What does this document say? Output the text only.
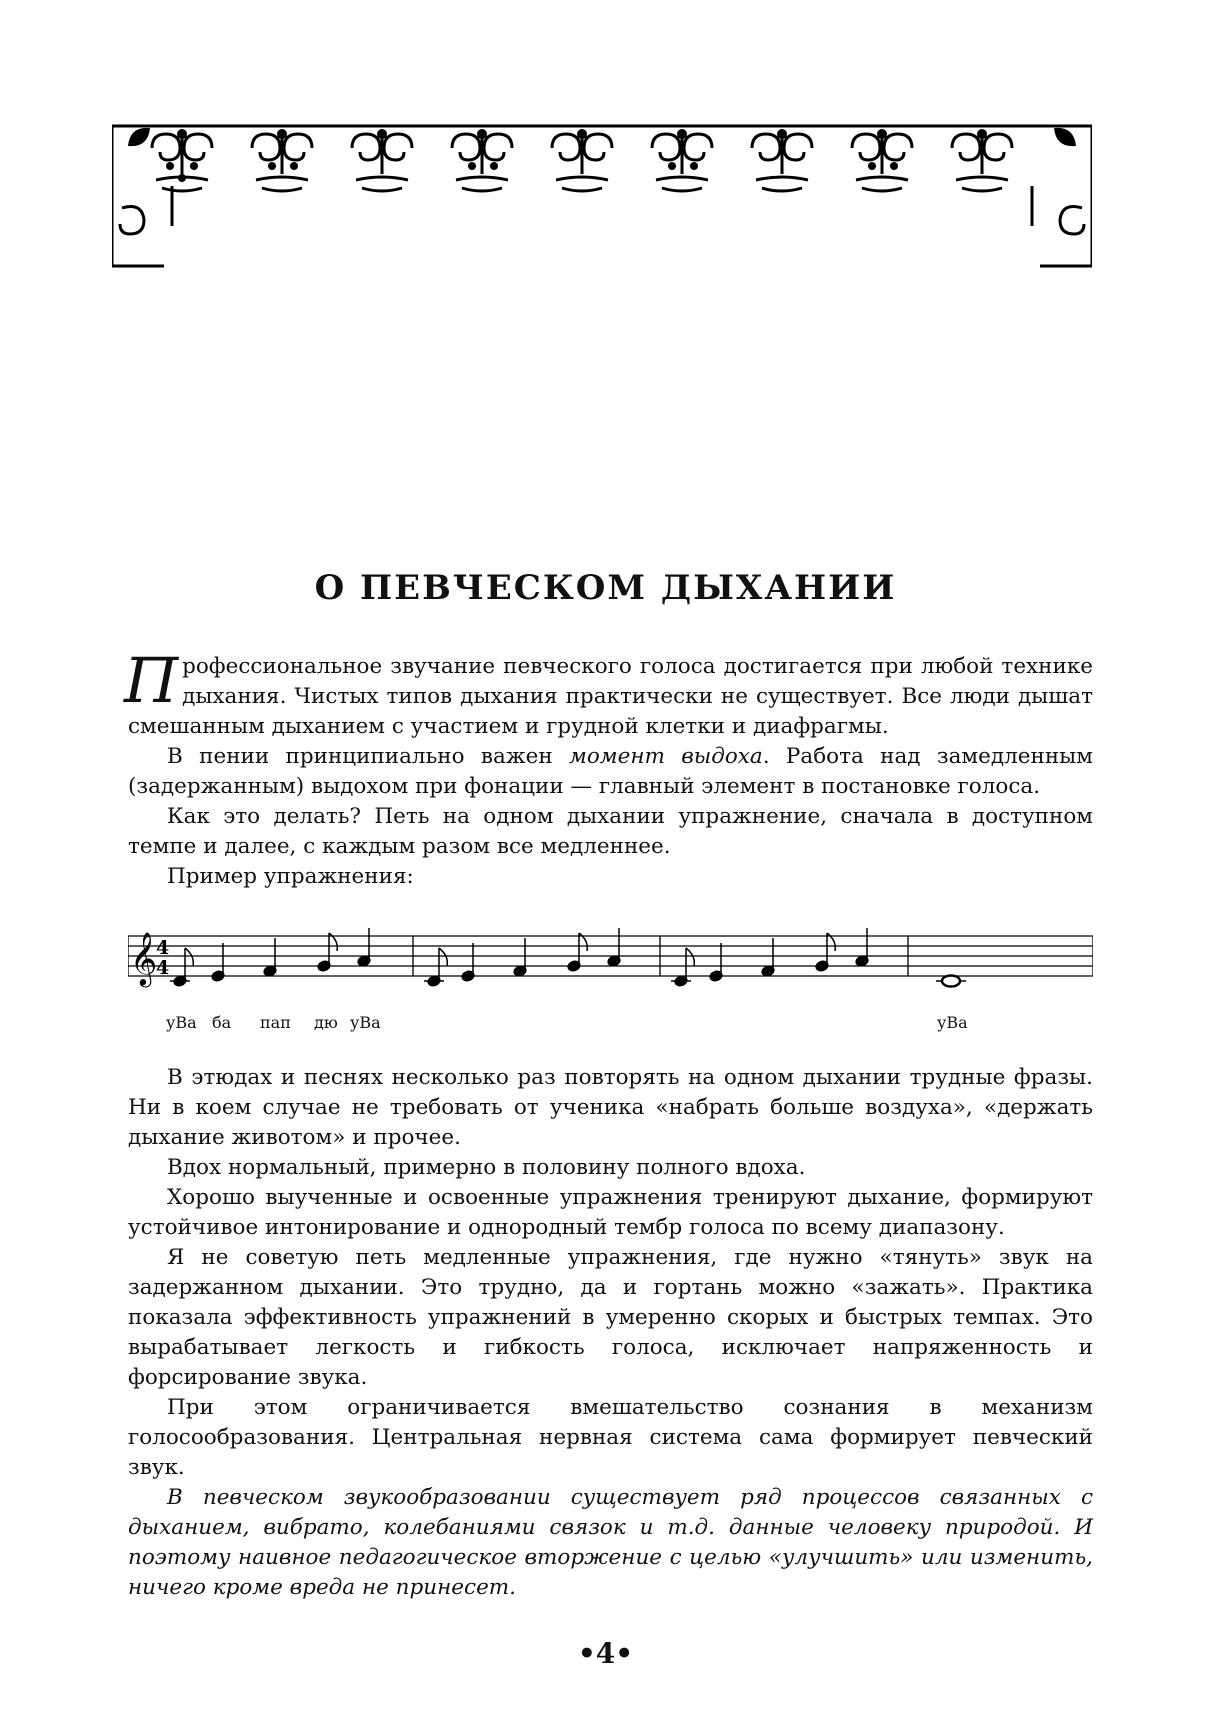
О ПЕВЧЕСКОМ ДЫХАНИИ

Профессиональное звучание певческого голоса достигается при любой технике дыхания. Чистых типов дыхания практически не существует. Все люди дышат смешанным дыханием с участием и грудной клетки и диафрагмы.

В пении принципиально важен момент выдоха. Работа над замедленным (задержанным) выдохом при фонации — главный элемент в постановке голоса.

Как это делать? Петь на одном дыхании упражнение, сначала в доступном темпе и далее, с каждым разом все медленнее.

Пример упражнения:

𝄞
4
4
уВа ба пап дю уВа	уВа

В этюдах и песнях несколько раз повторять на одном дыхании трудные фразы. Ни в коем случае не требовать от ученика «набрать больше воздуха», «держать дыхание животом» и прочее.

Вдох нормальный, примерно в половину полного вдоха.

Хорошо выученные и освоенные упражнения тренируют дыхание, формируют устойчивое интонирование и однородный тембр голоса по всему диапазону.

Я не советую петь медленные упражнения, где нужно «тянуть» звук на задержанном дыхании. Это трудно, да и гортань можно «зажать». Практика показала эффективность упражнений в умеренно скорых и быстрых темпах. Это вырабатывает легкость и гибкость голоса, исключает напряженность и форсирование звука.

При этом ограничивается вмешательство сознания в механизм голосообразования. Центральная нервная система сама формирует певческий звук.

В певческом звукообразовании существует ряд процессов связанных с дыханием, вибрато, колебаниями связок и т.д. данные человеку природой. И поэтому наивное педагогическое вторжение с целью «улучшить» или изменить, ничего кроме вреда не принесет.

•4•
